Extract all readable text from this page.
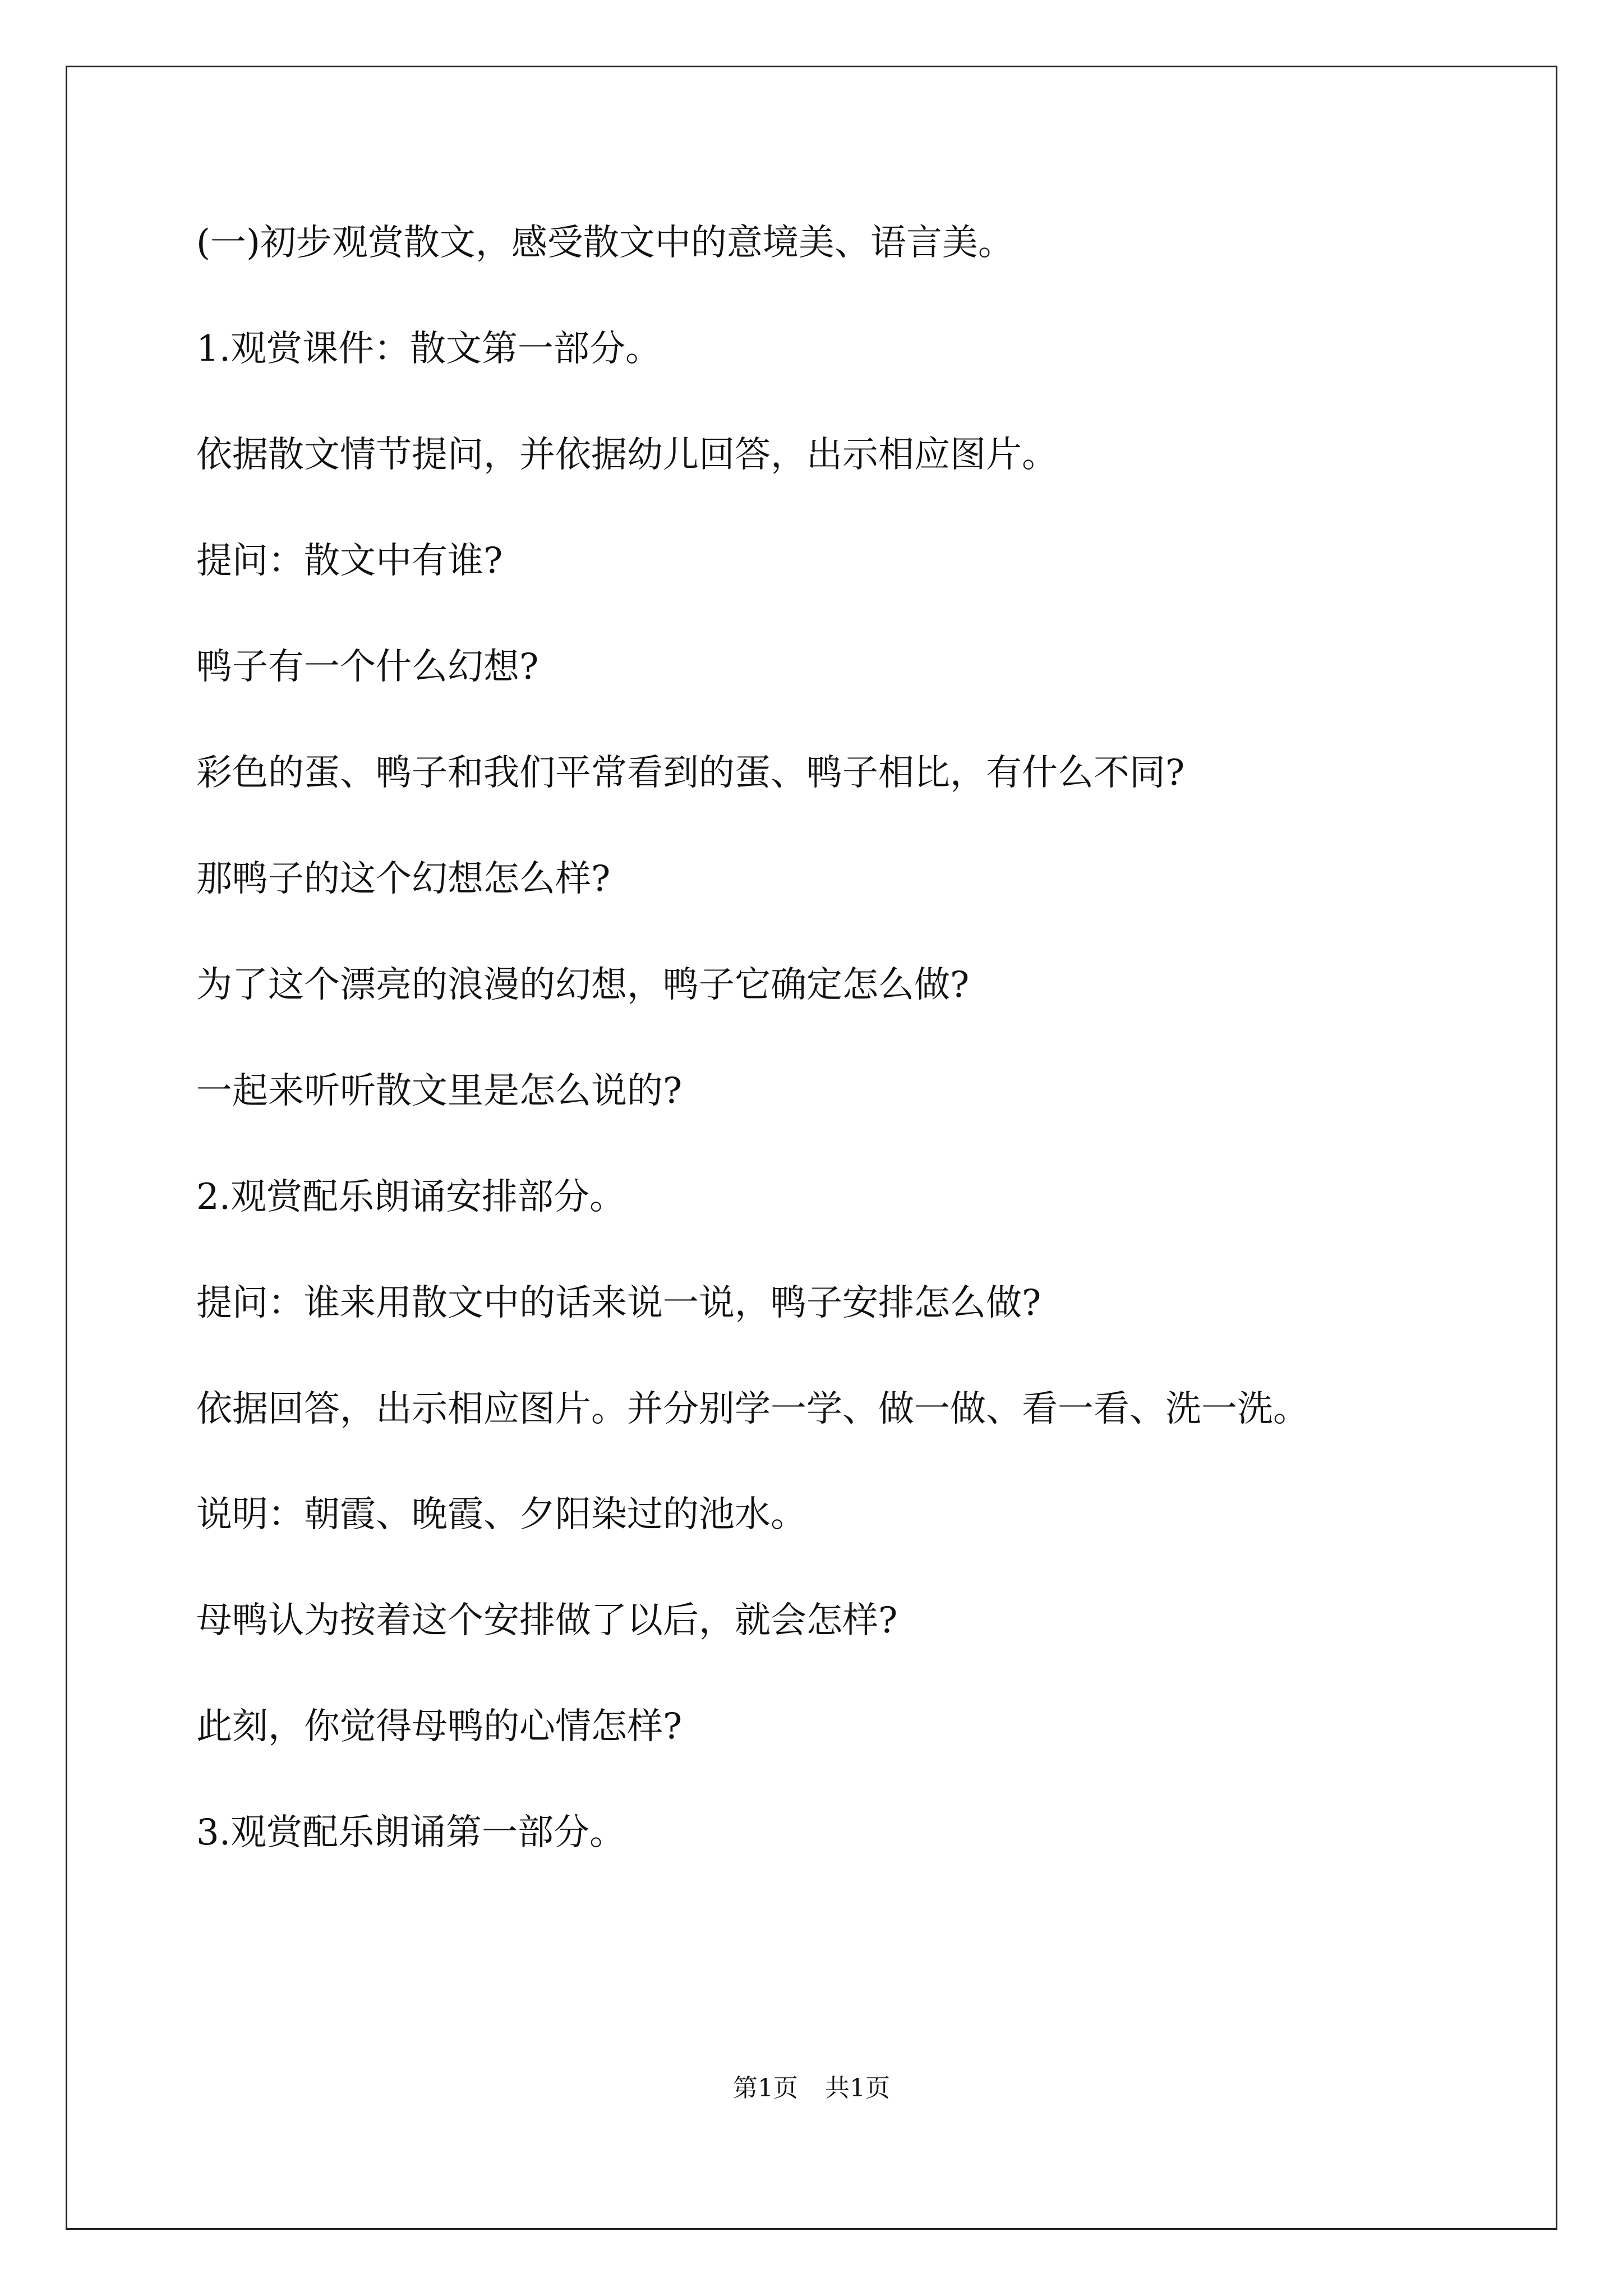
(一)初步观赏散文，感受散文中的意境美、语言美。

1.观赏课件：散文第一部分。

依据散文情节提问，并依据幼儿回答，出示相应图片。

提问：散文中有谁?

鸭子有一个什么幻想?

彩色的蛋、鸭子和我们平常看到的蛋、鸭子相比，有什么不同?

那鸭子的这个幻想怎么样?

为了这个漂亮的浪漫的幻想，鸭子它确定怎么做?

一起来听听散文里是怎么说的?

2.观赏配乐朗诵安排部分。

提问：谁来用散文中的话来说一说，鸭子安排怎么做?

依据回答，出示相应图片。并分别学一学、做一做、看一看、洗一洗。

说明：朝霞、晚霞、夕阳染过的池水。

母鸭认为按着这个安排做了以后，就会怎样?

此刻，你觉得母鸭的心情怎样?

3.观赏配乐朗诵第一部分。

第1页 共1页
